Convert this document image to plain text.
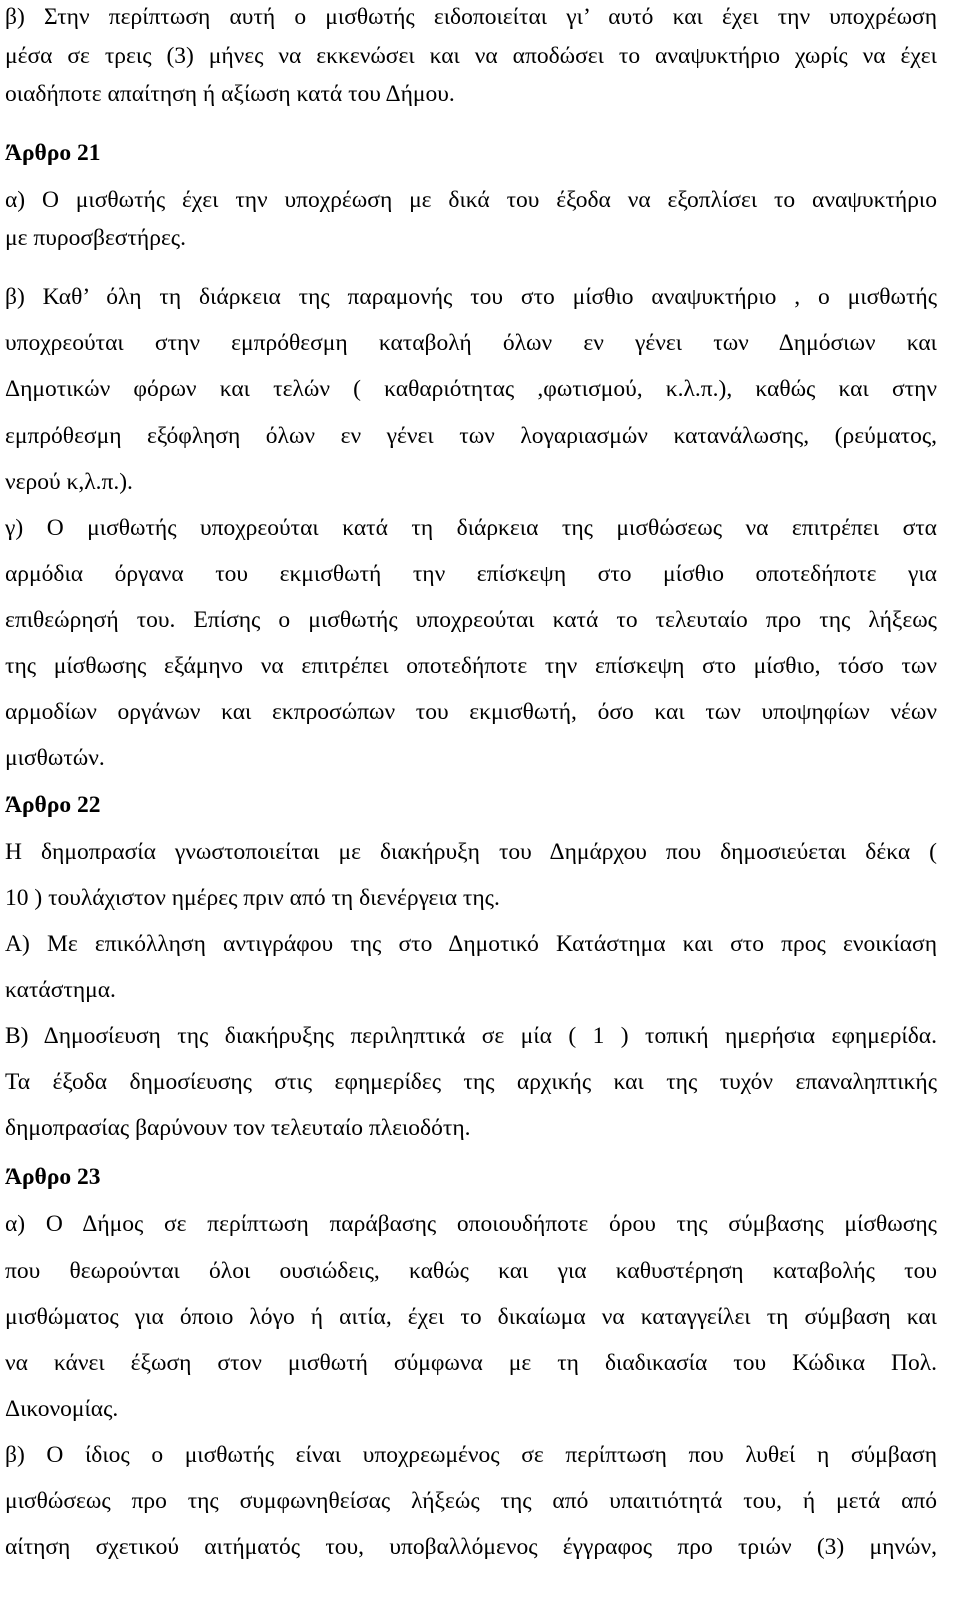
β) Στην περίπτωση αυτή ο μισθωτής ειδοποιείται γι’ αυτό και έχει την υποχρέωση

μέσα σε τρεις (3) μήνες να εκκενώσει και να αποδώσει το αναψυκτήριο χωρίς να έχει

οιαδήποτε απαίτηση ή αξίωση κατά του Δήμου.

Άρθρο 21

α) Ο μισθωτής έχει την υποχρέωση με δικά του έξοδα να εξοπλίσει το αναψυκτήριο

με πυροσβεστήρες.

β) Καθ’ όλη τη διάρκεια της παραμονής του στο μίσθιο αναψυκτήριο , ο μισθωτής

υποχρεούται στην εμπρόθεσμη καταβολή όλων εν γένει των Δημόσιων και

Δημοτικών φόρων και τελών ( καθαριότητας ,φωτισμού, κ.λ.π.), καθώς και στην

εμπρόθεσμη εξόφληση όλων εν γένει των λογαριασμών κατανάλωσης, (ρεύματος,

νερού κ,λ.π.).

γ) Ο μισθωτής υποχρεούται κατά τη διάρκεια της μισθώσεως να επιτρέπει στα

αρμόδια όργανα του εκμισθωτή την επίσκεψη στο μίσθιο οποτεδήποτε για

επιθεώρησή του. Επίσης ο μισθωτής υποχρεούται κατά το τελευταίο προ της λήξεως

της μίσθωσης εξάμηνο να επιτρέπει οποτεδήποτε την επίσκεψη στο μίσθιο, τόσο των

αρμοδίων οργάνων και εκπροσώπων του εκμισθωτή, όσο και των υποψηφίων νέων

μισθωτών.

Άρθρο 22

Η δημοπρασία γνωστοποιείται με διακήρυξη του Δημάρχου που δημοσιεύεται δέκα (

10 ) τουλάχιστον ημέρες πριν από τη διενέργεια της.

Α) Με επικόλληση αντιγράφου της στο Δημοτικό Κατάστημα και στο προς ενοικίαση

κατάστημα.

Β) Δημοσίευση της διακήρυξης περιληπτικά σε μία ( 1 ) τοπική ημερήσια εφημερίδα.

Τα έξοδα δημοσίευσης στις εφημερίδες της αρχικής και της τυχόν επαναληπτικής

δημοπρασίας βαρύνουν τον τελευταίο πλειοδότη.

Άρθρο 23

α) Ο Δήμος σε περίπτωση παράβασης οποιουδήποτε όρου της σύμβασης μίσθωσης

που θεωρούνται όλοι ουσιώδεις, καθώς και για καθυστέρηση καταβολής του

μισθώματος για όποιο λόγο ή αιτία, έχει το δικαίωμα να καταγγείλει τη σύμβαση και

να κάνει έξωση στον μισθωτή σύμφωνα με τη διαδικασία του Κώδικα Πολ.

Δικονομίας.

β) Ο ίδιος ο μισθωτής είναι υποχρεωμένος σε περίπτωση που λυθεί η σύμβαση

μισθώσεως προ της συμφωνηθείσας λήξεώς της από υπαιτιότητά του, ή μετά από

αίτηση σχετικού αιτήματός του, υποβαλλόμενος έγγραφος προ τριών (3) μηνών,
